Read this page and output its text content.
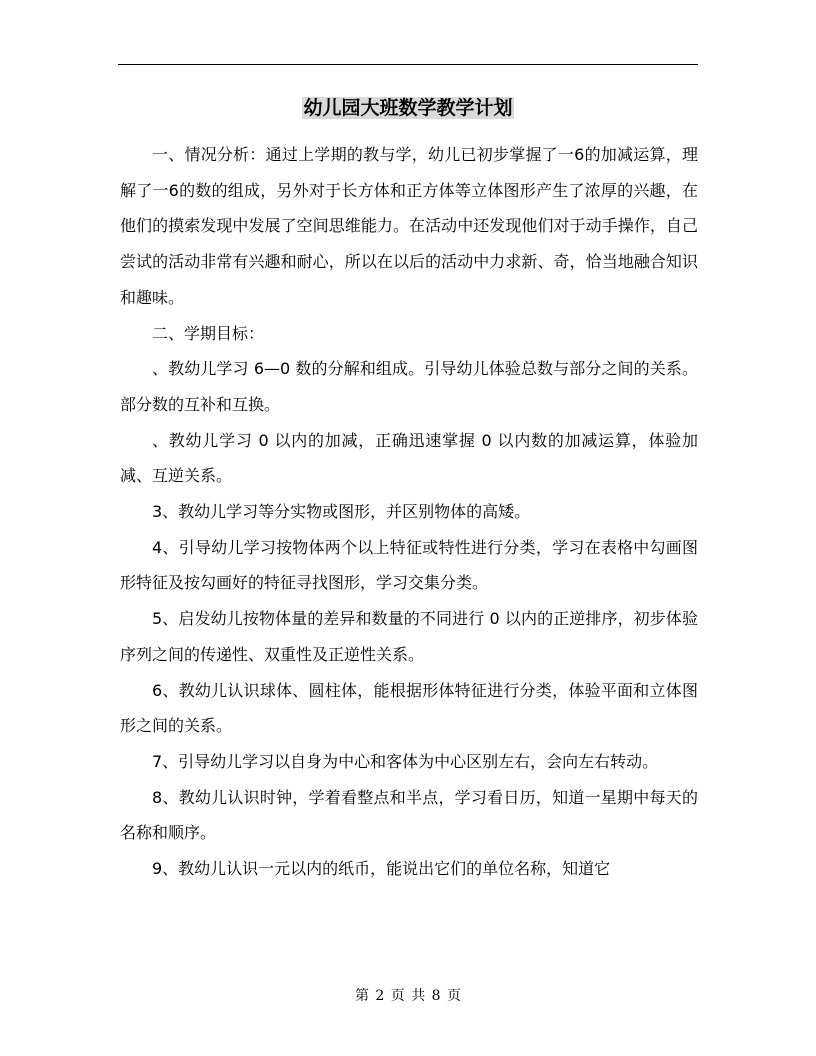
幼儿园大班数学教学计划

一、情况分析：通过上学期的教与学，幼儿已初步掌握了一6的加减运算，理解了一6的数的组成，另外对于长方体和正方体等立体图形产生了浓厚的兴趣，在他们的摸索发现中发展了空间思维能力。在活动中还发现他们对于动手操作，自己尝试的活动非常有兴趣和耐心，所以在以后的活动中力求新、奇，恰当地融合知识和趣味。

二、学期目标：

、教幼儿学习 6—0 数的分解和组成。引导幼儿体验总数与部分之间的关系。部分数的互补和互换。

、教幼儿学习 0 以内的加减，正确迅速掌握 0 以内数的加减运算，体验加减、互逆关系。

3、教幼儿学习等分实物或图形，并区别物体的高矮。

4、引导幼儿学习按物体两个以上特征或特性进行分类，学习在表格中勾画图形特征及按勾画好的特征寻找图形，学习交集分类。

5、启发幼儿按物体量的差异和数量的不同进行 0 以内的正逆排序，初步体验序列之间的传递性、双重性及正逆性关系。

6、教幼儿认识球体、圆柱体，能根据形体特征进行分类，体验平面和立体图形之间的关系。

7、引导幼儿学习以自身为中心和客体为中心区别左右，会向左右转动。

8、教幼儿认识时钟，学着看整点和半点，学习看日历，知道一星期中每天的名称和顺序。

9、教幼儿认识一元以内的纸币，能说出它们的单位名称，知道它

第 2 页 共 8 页
